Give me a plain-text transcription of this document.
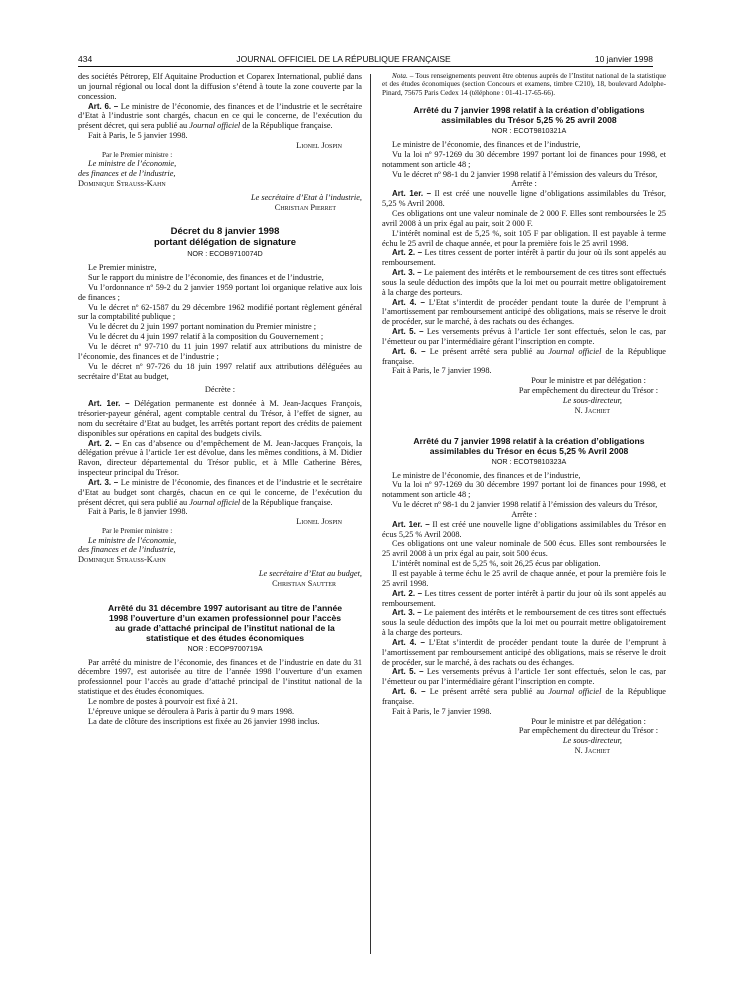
434	JOURNAL OFFICIEL DE LA RÉPUBLIQUE FRANÇAISE	10 janvier 1998

des sociétés Pétrorep, Elf Aquitaine Production et Coparex International, publié dans un journal régional ou local dont la diffusion s’étend à toute la zone couverte par la concession.

Art. 6. – Le ministre de l’économie, des finances et de l’industrie et le secrétaire d’Etat à l’industrie sont chargés, chacun en ce qui le concerne, de l’exécution du présent décret, qui sera publié au Journal officiel de la République française.

Fait à Paris, le 5 janvier 1998.

Lionel Jospin

Par le Premier ministre :

Le ministre de l’économie,

des finances et de l’industrie,

Dominique Strauss-Kahn

Le secrétaire d’Etat à l’industrie,

Christian Pierret

Décret du 8 janvier 1998

portant délégation de signature

NOR : ECOB9710074D

Le Premier ministre,

Sur le rapport du ministre de l’économie, des finances et de l’industrie,

Vu l’ordonnance nº 59-2 du 2 janvier 1959 portant loi organique relative aux lois de finances ;

Vu le décret nº 62-1587 du 29 décembre 1962 modifié portant règlement général sur la comptabilité publique ;

Vu le décret du 2 juin 1997 portant nomination du Premier ministre ;

Vu le décret du 4 juin 1997 relatif à la composition du Gouvernement ;

Vu le décret nº 97-710 du 11 juin 1997 relatif aux attributions du ministre de l’économie, des finances et de l’industrie ;

Vu le décret nº 97-726 du 18 juin 1997 relatif aux attributions déléguées au secrétaire d’Etat au budget,

Décrète :

Art. 1er. – Délégation permanente est donnée à M. Jean-Jacques François, trésorier-payeur général, agent comptable central du Trésor, à l’effet de signer, au nom du secrétaire d’Etat au budget, les arrêtés portant report des crédits de paiement disponibles sur opérations en capital des budgets civils.

Art. 2. – En cas d’absence ou d’empêchement de M. Jean-Jacques François, la délégation prévue à l’article 1er est dévolue, dans les mêmes conditions, à M. Didier Ravon, directeur départemental du Trésor public, et à Mlle Catherine Bères, inspecteur principal du Trésor.

Art. 3. – Le ministre de l’économie, des finances et de l’industrie et le secrétaire d’Etat au budget sont chargés, chacun en ce qui le concerne, de l’exécution du présent décret, qui sera publié au Journal officiel de la République française.

Fait à Paris, le 8 janvier 1998.

Lionel Jospin

Par le Premier ministre :

Le ministre de l’économie,

des finances et de l’industrie,

Dominique Strauss-Kahn

Le secrétaire d’Etat au budget,

Christian Sautter

Arrêté du 31 décembre 1997 autorisant au titre de l’année

1998 l’ouverture d’un examen professionnel pour l’accès

au grade d’attaché principal de l’institut national de la

statistique et des études économiques

NOR : ECOP9700719A

Par arrêté du ministre de l’économie, des finances et de l’industrie en date du 31 décembre 1997, est autorisée au titre de l’année 1998 l’ouverture d’un examen professionnel pour l’accès au grade d’attaché principal de l’institut national de la statistique et des études économiques.

Le nombre de postes à pourvoir est fixé à 21.

L’épreuve unique se déroulera à Paris à partir du 9 mars 1998.

La date de clôture des inscriptions est fixée au 26 janvier 1998 inclus.

Nota. – Tous renseignements peuvent être obtenus auprès de l’Institut national de la statistique et des études économiques (section Concours et examens, timbre C210), 18, boulevard Adolphe-Pinard, 75675 Paris Cedex 14 (téléphone : 01-41-17-65-66).

Arrêté du 7 janvier 1998 relatif à la création d’obligations

assimilables du Trésor 5,25 % 25 avril 2008

NOR : ECOT9810321A

Le ministre de l’économie, des finances et de l’industrie,

Vu la loi nº 97-1269 du 30 décembre 1997 portant loi de finances pour 1998, et notamment son article 48 ;

Vu le décret nº 98-1 du 2 janvier 1998 relatif à l’émission des valeurs du Trésor,

Arrête :

Art. 1er. – Il est créé une nouvelle ligne d’obligations assimilables du Trésor, 5,25 % Avril 2008.

Ces obligations ont une valeur nominale de 2 000 F. Elles sont remboursées le 25 avril 2008 à un prix égal au pair, soit 2 000 F.

L’intérêt nominal est de 5,25 %, soit 105 F par obligation. Il est payable à terme échu le 25 avril de chaque année, et pour la première fois le 25 avril 1998.

Art. 2. – Les titres cessent de porter intérêt à partir du jour où ils sont appelés au remboursement.

Art. 3. – Le paiement des intérêts et le remboursement de ces titres sont effectués sous la seule déduction des impôts que la loi met ou pourrait mettre obligatoirement à la charge des porteurs.

Art. 4. – L’Etat s’interdit de procéder pendant toute la durée de l’emprunt à l’amortissement par remboursement anticipé des obligations, mais se réserve le droit de procéder, sur le marché, à des rachats ou des échanges.

Art. 5. – Les versements prévus à l’article 1er sont effectués, selon le cas, par l’émetteur ou par l’intermédiaire gérant l’inscription en compte.

Art. 6. – Le présent arrêté sera publié au Journal officiel de la République française.

Fait à Paris, le 7 janvier 1998.

Pour le ministre et par délégation :

Par empêchement du directeur du Trésor :

Le sous-directeur,

N. Jachiet

Arrêté du 7 janvier 1998 relatif à la création d’obligations

assimilables du Trésor en écus 5,25 % Avril 2008

NOR : ECOT9810323A

Le ministre de l’économie, des finances et de l’industrie,

Vu la loi nº 97-1269 du 30 décembre 1997 portant loi de finances pour 1998, et notamment son article 48 ;

Vu le décret nº 98-1 du 2 janvier 1998 relatif à l’émission des valeurs du Trésor,

Arrête :

Art. 1er. – Il est créé une nouvelle ligne d’obligations assimilables du Trésor en écus 5,25 % Avril 2008.

Ces obligations ont une valeur nominale de 500 écus. Elles sont remboursées le 25 avril 2008 à un prix égal au pair, soit 500 écus.

L’intérêt nominal est de 5,25 %, soit 26,25 écus par obligation.

Il est payable à terme échu le 25 avril de chaque année, et pour la première fois le 25 avril 1998.

Art. 2. – Les titres cessent de porter intérêt à partir du jour où ils sont appelés au remboursement.

Art. 3. – Le paiement des intérêts et le remboursement de ces titres sont effectués sous la seule déduction des impôts que la loi met ou pourrait mettre obligatoirement à la charge des porteurs.

Art. 4. – L’Etat s’interdit de procéder pendant toute la durée de l’emprunt à l’amortissement par remboursement anticipé des obligations, mais se réserve le droit de procéder, sur le marché, à des rachats ou des échanges.

Art. 5. – Les versements prévus à l’article 1er sont effectués, selon le cas, par l’émetteur ou par l’intermédiaire gérant l’inscription en compte.

Art. 6. – Le présent arrêté sera publié au Journal officiel de la République française.

Fait à Paris, le 7 janvier 1998.

Pour le ministre et par délégation :

Par empêchement du directeur du Trésor :

Le sous-directeur,

N. Jachiet
